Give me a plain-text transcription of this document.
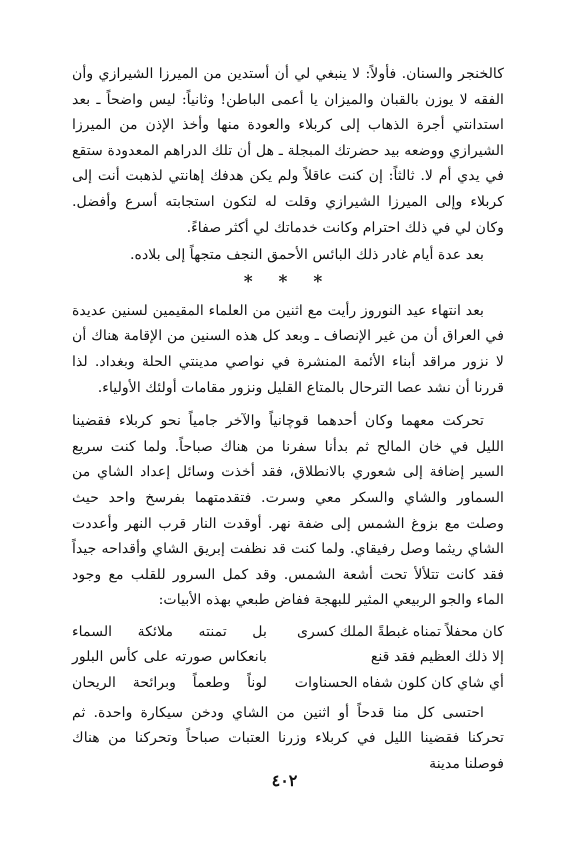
كالخنجر والسنان. فأولاً: لا ينبغي لي أن أستدين من الميرزا الشيرازي وأن الفقه لا يوزن بالقبان والميزان يا أعمى الباطن! وثانياً: ليس واضحاً ـ بعد استدانتي أجرة الذهاب إلى كربلاء والعودة منها وأخذ الإذن من الميرزا الشيرازي ووضعه بيد حضرتك المبجلة ـ هل أن تلك الدراهم المعدودة ستقع في يدي أم لا. ثالثاً: إن كنت عاقلاً ولم يكن هدفك إهانتي لذهبت أنت إلى كربلاء وإلى الميرزا الشيرازي وقلت له لتكون استجابته أسرع وأفضل. وكان لي في ذلك احترام وكانت خدماتك لي أكثر صفاءً.

بعد عدة أيام غادر ذلك البائس الأحمق النجف متجهاً إلى بلاده.

* * *

بعد انتهاء عيد النوروز رأيت مع اثنين من العلماء المقيمين لسنين عديدة في العراق أن من غير الإنصاف ـ وبعد كل هذه السنين من الإقامة هناك أن لا نزور مراقد أبناء الأئمة المنشرة في نواصي مدينتي الحلة وبغداد. لذا قررنا أن نشد عصا الترحال بالمتاع القليل ونزور مقامات أولئك الأولياء.

تحركت معهما وكان أحدهما قوچانياً والآخر جامياً نحو كربلاء فقضينا الليل في خان المالح ثم بدأنا سفرنا من هناك صباحاً. ولما كنت سريع السير إضافة إلى شعوري بالانطلاق، فقد أخذت وسائل إعداد الشاي من السماور والشاي والسكر معي وسرت. فتقدمتهما بفرسخ واحد حيث وصلت مع بزوغ الشمس إلى ضفة نهر. أوقدت النار قرب النهر وأعددت الشاي ريثما وصل رفيقاي. ولما كنت قد نظفت إبريق الشاي وأقداحه جيداً فقد كانت تتلألأ تحت أشعة الشمس. وقد كمل السرور للقلب مع وجود الماء والجو الربيعي المثير للبهجة ففاض طبعي بهذه الأبيات:

كان محفلاً تمناه غبطةً الملك كسرى
بل تمنته ملائكة السماء
إلا ذلك العظيم فقد قنع
بانعكاس صورته على كأس البلور
أي شاي كان كلون شفاه الحسناوات
لوناً وطعماً وبرائحة الريحان

احتسى كل منا قدحاً أو اثنين من الشاي ودخن سيكارة واحدة. ثم تحركنا فقضينا الليل في كربلاء وزرنا العتبات صباحاً وتحركنا من هناك فوصلنا مدينة

٤٠٢
